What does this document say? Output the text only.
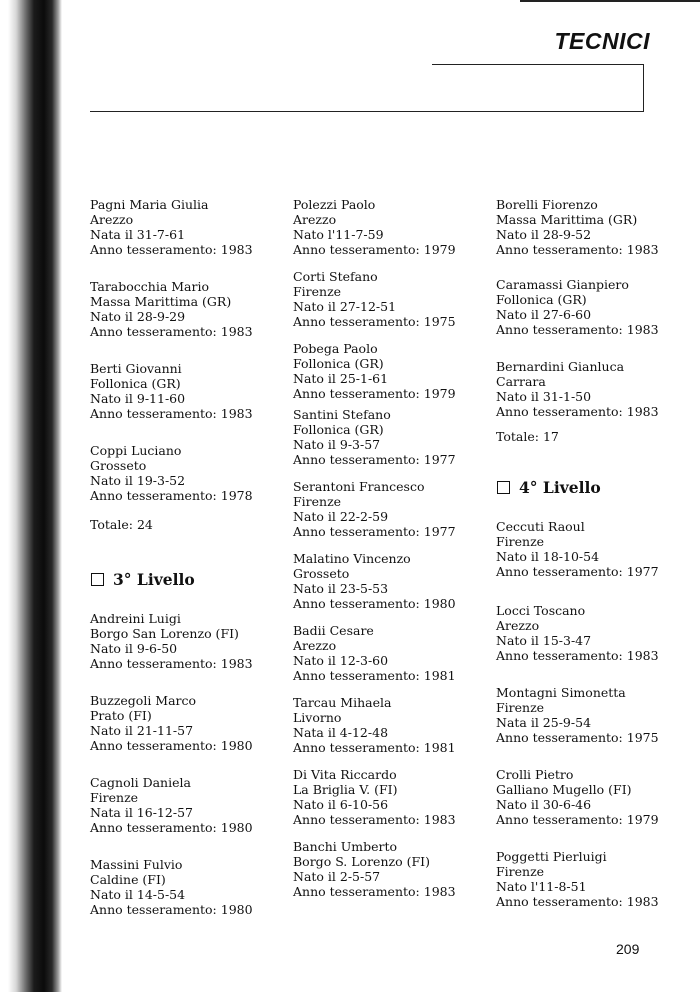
TECNICI
Pagni Maria Giulia
Arezzo
Nata il 31-7-61
Anno tesseramento: 1983
Tarabocchia Mario
Massa Marittima (GR)
Nato il 28-9-29
Anno tesseramento: 1983
Berti Giovanni
Follonica (GR)
Nato il 9-11-60
Anno tesseramento: 1983
Coppi Luciano
Grosseto
Nato il 19-3-52
Anno tesseramento: 1978
Totale: 24
3° Livello
Andreini Luigi
Borgo San Lorenzo (FI)
Nato il 9-6-50
Anno tesseramento: 1983
Buzzegoli Marco
Prato (FI)
Nato il 21-11-57
Anno tesseramento: 1980
Cagnoli Daniela
Firenze
Nata il 16-12-57
Anno tesseramento: 1980
Massini Fulvio
Caldine (FI)
Nato il 14-5-54
Anno tesseramento: 1980
Polezzi Paolo
Arezzo
Nato l'11-7-59
Anno tesseramento: 1979
Corti Stefano
Firenze
Nato il 27-12-51
Anno tesseramento: 1975
Pobega Paolo
Follonica (GR)
Nato il 25-1-61
Anno tesseramento: 1979
Santini Stefano
Follonica (GR)
Nato il 9-3-57
Anno tesseramento: 1977
Serantoni Francesco
Firenze
Nato il 22-2-59
Anno tesseramento: 1977
Malatino Vincenzo
Grosseto
Nato il 23-5-53
Anno tesseramento: 1980
Badii Cesare
Arezzo
Nato il 12-3-60
Anno tesseramento: 1981
Tarcau Mihaela
Livorno
Nata il 4-12-48
Anno tesseramento: 1981
Di Vita Riccardo
La Briglia V. (FI)
Nato il 6-10-56
Anno tesseramento: 1983
Banchi Umberto
Borgo S. Lorenzo (FI)
Nato il 2-5-57
Anno tesseramento: 1983
Borelli Fiorenzo
Massa Marittima (GR)
Nato il 28-9-52
Anno tesseramento: 1983
Caramassi Gianpiero
Follonica (GR)
Nato il 27-6-60
Anno tesseramento: 1983
Bernardini Gianluca
Carrara
Nato il 31-1-50
Anno tesseramento: 1983
Totale: 17
4° Livello
Ceccuti Raoul
Firenze
Nato il 18-10-54
Anno tesseramento: 1977
Locci Toscano
Arezzo
Nato il 15-3-47
Anno tesseramento: 1983
Montagni Simonetta
Firenze
Nata il 25-9-54
Anno tesseramento: 1975
Crolli Pietro
Galliano Mugello (FI)
Nato il 30-6-46
Anno tesseramento: 1979
Poggetti Pierluigi
Firenze
Nato l'11-8-51
Anno tesseramento: 1983
209
